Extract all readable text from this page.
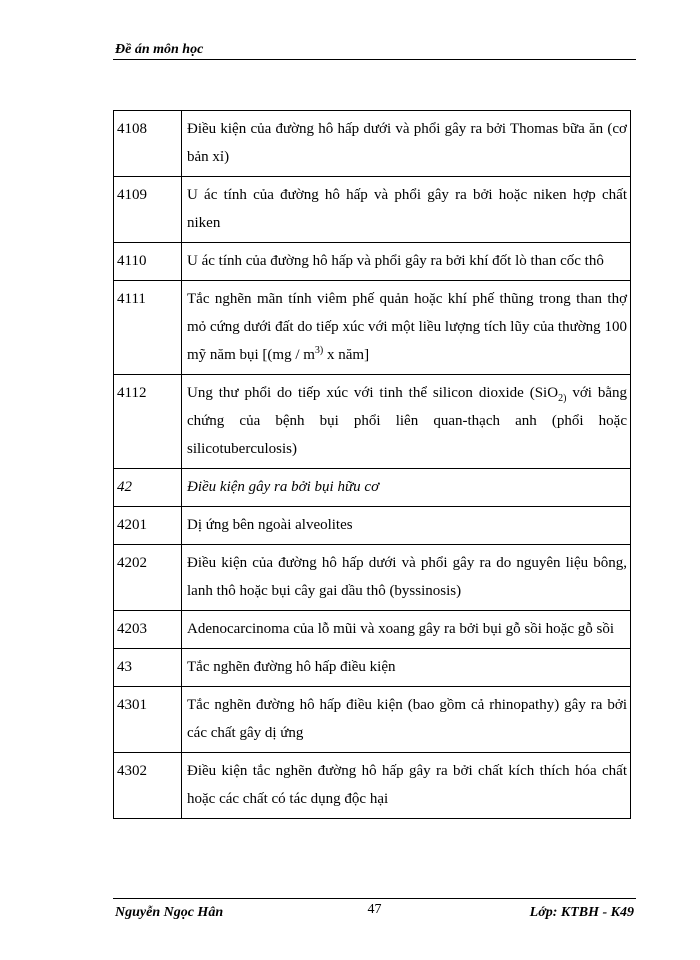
Đề án môn học
4108	Điều kiện của đường hô hấp dưới và phổi gây ra bởi Thomas bữa ăn (cơ bản xỉ)
4109	U ác tính của đường hô hấp và phổi gây ra bởi hoặc niken hợp chất niken
4110	U ác tính của đường hô hấp và phổi gây ra bởi khí đốt lò than cốc thô
4111	Tắc nghẽn mãn tính viêm phế quản hoặc khí phế thũng trong than thợ mỏ cứng dưới đất do tiếp xúc với một liều lượng tích lũy của thường 100 mỹ năm bụi [($mg / m^{3)}$ x năm]
4112	Ung thư phổi do tiếp xúc với tinh thể silicon dioxide (SiO$_{2)}$ với bằng chứng của bệnh bụi phổi liên quan-thạch anh (phổi hoặc silicotuberculosis)
42	Điều kiện gây ra bởi bụi hữu cơ
4201	Dị ứng bên ngoài alveolites
4202	Điều kiện của đường hô hấp dưới và phổi gây ra do nguyên liệu bông, lanh thô hoặc bụi cây gai dầu thô (byssinosis)
4203	Adenocarcinoma của lỗ mũi và xoang gây ra bởi bụi gỗ sồi hoặc gỗ sồi
43	Tắc nghẽn đường hô hấp điều kiện
4301	Tắc nghẽn đường hô hấp điều kiện (bao gồm cả rhinopathy) gây ra bởi các chất gây dị ứng
4302	Điều kiện tắc nghẽn đường hô hấp gây ra bởi chất kích thích hóa chất hoặc các chất có tác dụng độc hại
Nguyễn Ngọc Hân	47	Lớp: KTBH - K49
